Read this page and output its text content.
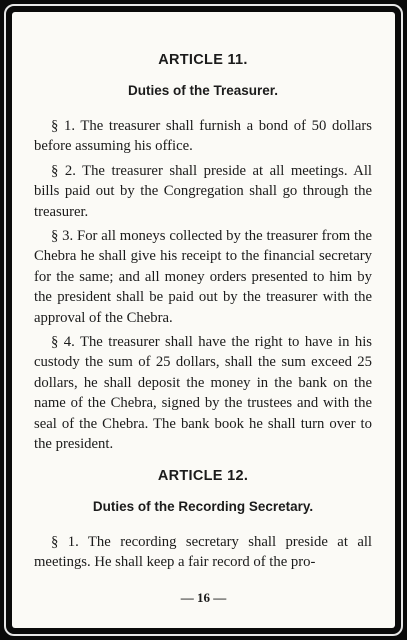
ARTICLE 11.
Duties of the Treasurer.

§ 1. The treasurer shall furnish a bond of 50 dollars before assuming his office.

§ 2. The treasurer shall preside at all meetings. All bills paid out by the Congregation shall go through the treasurer.

§ 3. For all moneys collected by the treasurer from the Chebra he shall give his receipt to the financial secretary for the same; and all money orders presented to him by the president shall be paid out by the treasurer with the approval of the Chebra.

§ 4. The treasurer shall have the right to have in his custody the sum of 25 dollars, shall the sum exceed 25 dollars, he shall deposit the money in the bank on the name of the Chebra, signed by the trustees and with the seal of the Chebra. The bank book he shall turn over to the president.

ARTICLE 12.
Duties of the Recording Secretary.

§ 1. The recording secretary shall preside at all meetings. He shall keep a fair record of the pro-

— 16 —
